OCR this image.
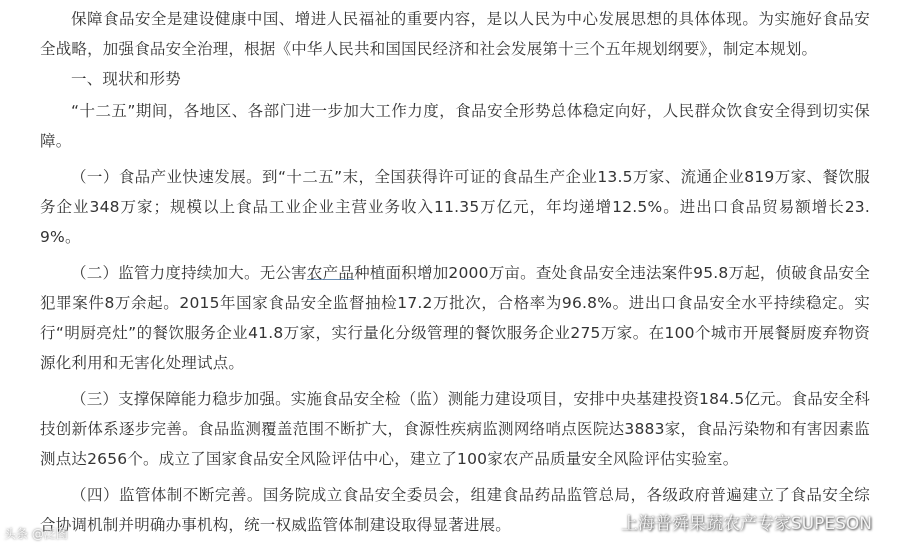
保障食品安全是建设健康中国、增进人民福祉的重要内容，是以人民为中心发展思想的具体体现。为实施好食品安全战略，加强食品安全治理，根据《中华人民共和国国民经济和社会发展第十三个五年规划纲要》，制定本规划。

一、现状和形势

“十二五”期间，各地区、各部门进一步加大工作力度，食品安全形势总体稳定向好，人民群众饮食安全得到切实保障。

（一）食品产业快速发展。到“十二五”末，全国获得许可证的食品生产企业13.5万家、流通企业819万家、餐饮服务企业348万家；规模以上食品工业企业主营业务收入11.35万亿元，年均递增12.5%。进出口食品贸易额增长23.9%。

（二）监管力度持续加大。无公害农产品种植面积增加2000万亩。查处食品安全违法案件95.8万起，侦破食品安全犯罪案件8万余起。2015年国家食品安全监督抽检17.2万批次，合格率为96.8%。进出口食品安全水平持续稳定。实行“明厨亮灶”的餐饮服务企业41.8万家，实行量化分级管理的餐饮服务企业275万家。在100个城市开展餐厨废弃物资源化利用和无害化处理试点。

（三）支撑保障能力稳步加强。实施食品安全检（监）测能力建设项目，安排中央基建投资184.5亿元。食品安全科技创新体系逐步完善。食品监测覆盖范围不断扩大，食源性疾病监测网络哨点医院达3883家，食品污染物和有害因素监测点达2656个。成立了国家食品安全风险评估中心，建立了100家农产品质量安全风险评估实验室。

（四）监管体制不断完善。国务院成立食品安全委员会，组建食品药品监管总局，各级政府普遍建立了食品安全综合协调机制并明确办事机构，统一权威监管体制建设取得显著进展。

头条 @泛图	上海普舜果蔬农产专家SUPESON
